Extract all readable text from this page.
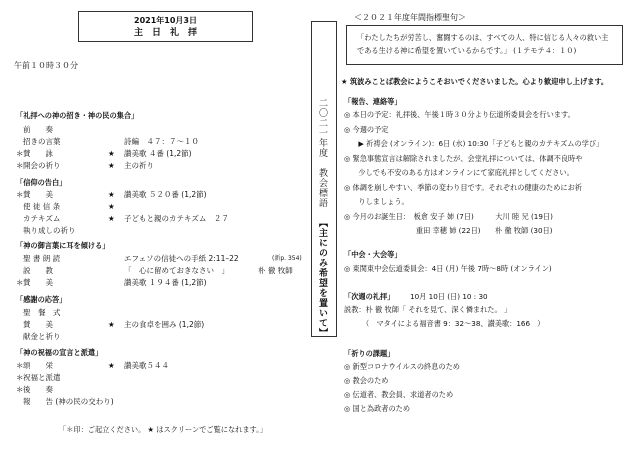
2021年10月3日
主　日　礼　拝
午前１０時３０分
「礼拝への神の招き・神の民の集合」
前　　奏
招きの言葉	詩編　４７：７～１０
＊ 賛　　詠	★ 讃美歌 ４番 (1,2節)
＊ 開会の祈り	★ 主の祈り
「信仰の告白」
＊ 賛　　美	★ 讃美歌 ５２０番 (1,2節)
使 徒 信 条	★
カテキズム	★ 子どもと親のカテキズム　２７
執り成しの祈り
「神の御言葉に耳を傾ける」
聖 書 朗 読	エフェソの信徒への手紙 2:11–22	(新p. 354)
説　　教	「　心に留めておきなさい　」	朴 徹 牧師
＊ 賛　　美	讃美歌 １９４番 (1,2節)
「感謝の応答」
聖　餐　式
賛　　美	★ 主の食卓を囲み (1,2節)
献金と祈り
「神の祝福の宣言と派遣」
＊ 頌　　栄	★ 讃美歌５４４
＊ 祝福と派遣
＊ 後　　奏
報　　告 (神の民の交わり)
「＊印：ご起立ください。 ★ はスクリーンでご覧になれます。」
二〇二一年度　教会標語
【主にのみ希望を置いて】
＜２０２１年度年間指標聖句＞
「わたしたちが労苦し、奮闘するのは、すべての人、特に信じる人々の救い主
である生ける神に希望を置いているからです。」 (１テモテ４：１０)
★ 筑波みことば教会にようこそおいでくださいました。心より歓迎申し上げます。
「報告、連絡等」
◎ 本日の予定：礼拝後、午後１時３０分より伝道所委員会を行います。
◎ 今週の予定
　　▶ 祈祷会 (オンライン)：6日 (水) 10:30「子どもと親のカテキズムの学び」
◎ 緊急事態宣言は解除されましたが、会堂礼拝については、体調不良時や
　　少しでも不安のある方はオンラインにて家庭礼拝としてください。
◎ 体調を崩しやすい、季節の変わり目です。それぞれの健康のためにお祈
　　りしましょう。
◎ 今月のお誕生日：　板倉 安子 姉 (7日)　　　大川 睦 兄 (19日)
　　　　　　　　　　重田 幸穂 姉 (22日)　　朴 徹 牧師 (30日)
「中会・大会等」
◎ 東関東中会伝道委員会：4日 (月) 午後 7時～8時 (オンライン)
「次週の礼拝」 10月 10日 (日) 10 : 30
説教：朴 徹 牧師「 それを見て、深く憐まれた。 」
　　　（　マタイによる福音書 9：32～38、讃美歌：166　）
「祈りの課題」
◎ 新型コロナウイルスの終息のため
◎ 教会のため
◎ 伝道者、教会員、求道者のため
◎ 国と為政者のため
